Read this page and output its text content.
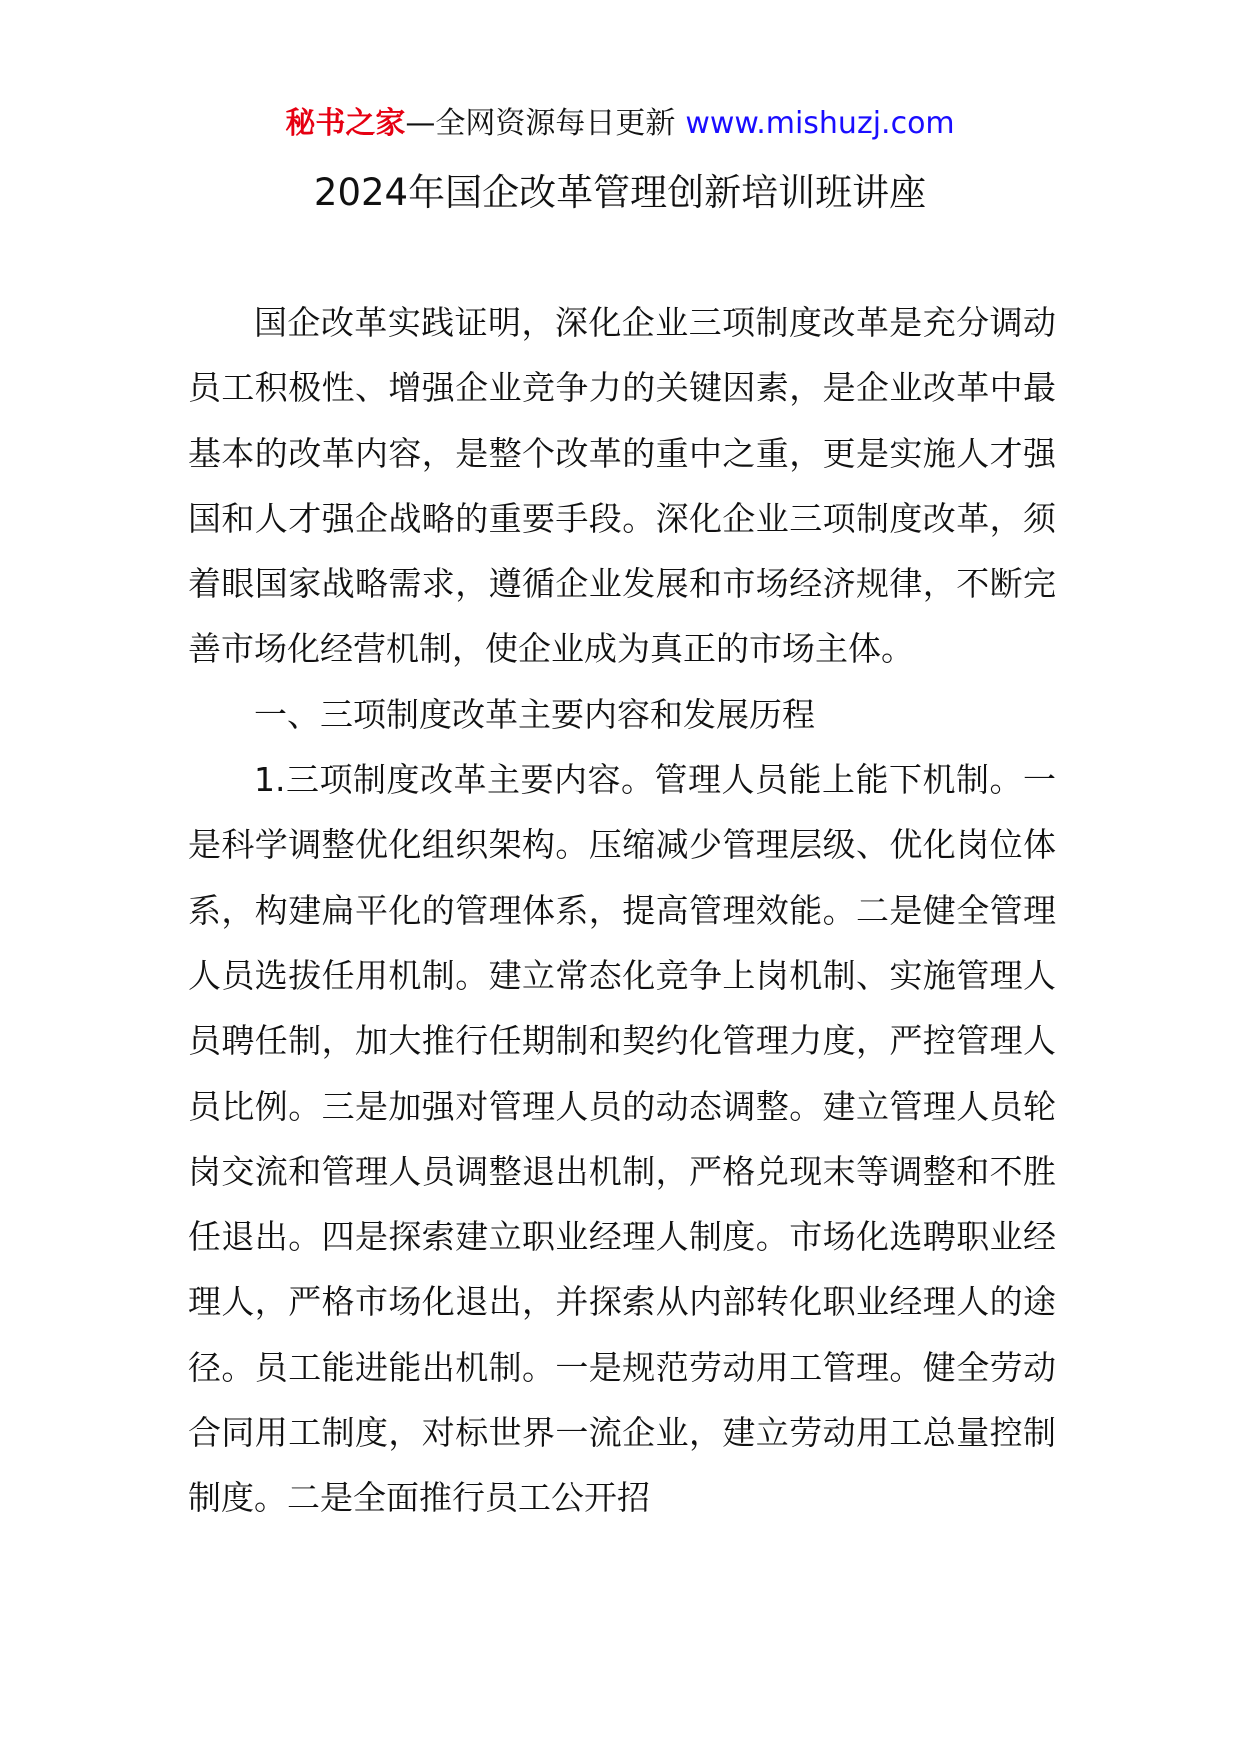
秘书之家—全网资源每日更新 www.mishuzj.com
2024年国企改革管理创新培训班讲座

国企改革实践证明，深化企业三项制度改革是充分调动员工积极性、增强企业竞争力的关键因素，是企业改革中最基本的改革内容，是整个改革的重中之重，更是实施人才强国和人才强企战略的重要手段。深化企业三项制度改革，须着眼国家战略需求，遵循企业发展和市场经济规律，不断完善市场化经营机制，使企业成为真正的市场主体。

一、三项制度改革主要内容和发展历程

1.三项制度改革主要内容。管理人员能上能下机制。一是科学调整优化组织架构。压缩减少管理层级、优化岗位体系，构建扁平化的管理体系，提高管理效能。二是健全管理人员选拔任用机制。建立常态化竞争上岗机制、实施管理人员聘任制，加大推行任期制和契约化管理力度，严控管理人员比例。三是加强对管理人员的动态调整。建立管理人员轮岗交流和管理人员调整退出机制，严格兑现末等调整和不胜任退出。四是探索建立职业经理人制度。市场化选聘职业经理人，严格市场化退出，并探索从内部转化职业经理人的途径。员工能进能出机制。一是规范劳动用工管理。健全劳动合同用工制度，对标世界一流企业，建立劳动用工总量控制制度。二是全面推行员工公开招
